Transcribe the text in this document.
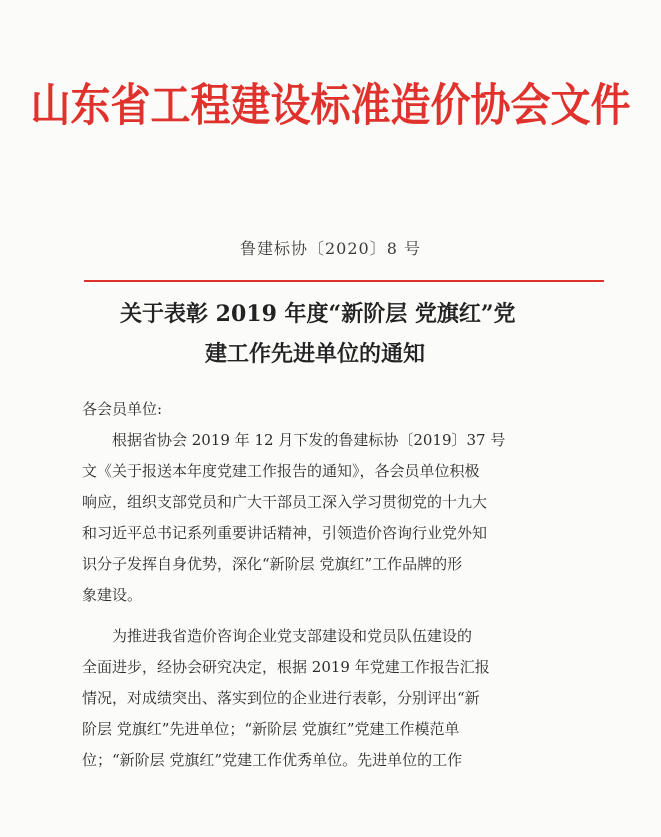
山东省工程建设标准造价协会文件
鲁建标协〔2020〕8 号
关于表彰 2019 年度“新阶层 党旗红”党
建工作先进单位的通知

各会员单位:

根据省协会 2019 年 12 月下发的鲁建标协〔2019〕37 号

文《关于报送本年度党建工作报告的通知》，各会员单位积极

响应，组织支部党员和广大干部员工深入学习贯彻党的十九大

和习近平总书记系列重要讲话精神，引领造价咨询行业党外知

识分子发挥自身优势，深化“新阶层 党旗红”工作品牌的形

象建设。

为推进我省造价咨询企业党支部建设和党员队伍建设的

全面进步，经协会研究决定，根据 2019 年党建工作报告汇报

情况，对成绩突出、落实到位的企业进行表彰，分别评出“新

阶层 党旗红”先进单位；“新阶层 党旗红”党建工作模范单

位；“新阶层 党旗红”党建工作优秀单位。先进单位的工作
